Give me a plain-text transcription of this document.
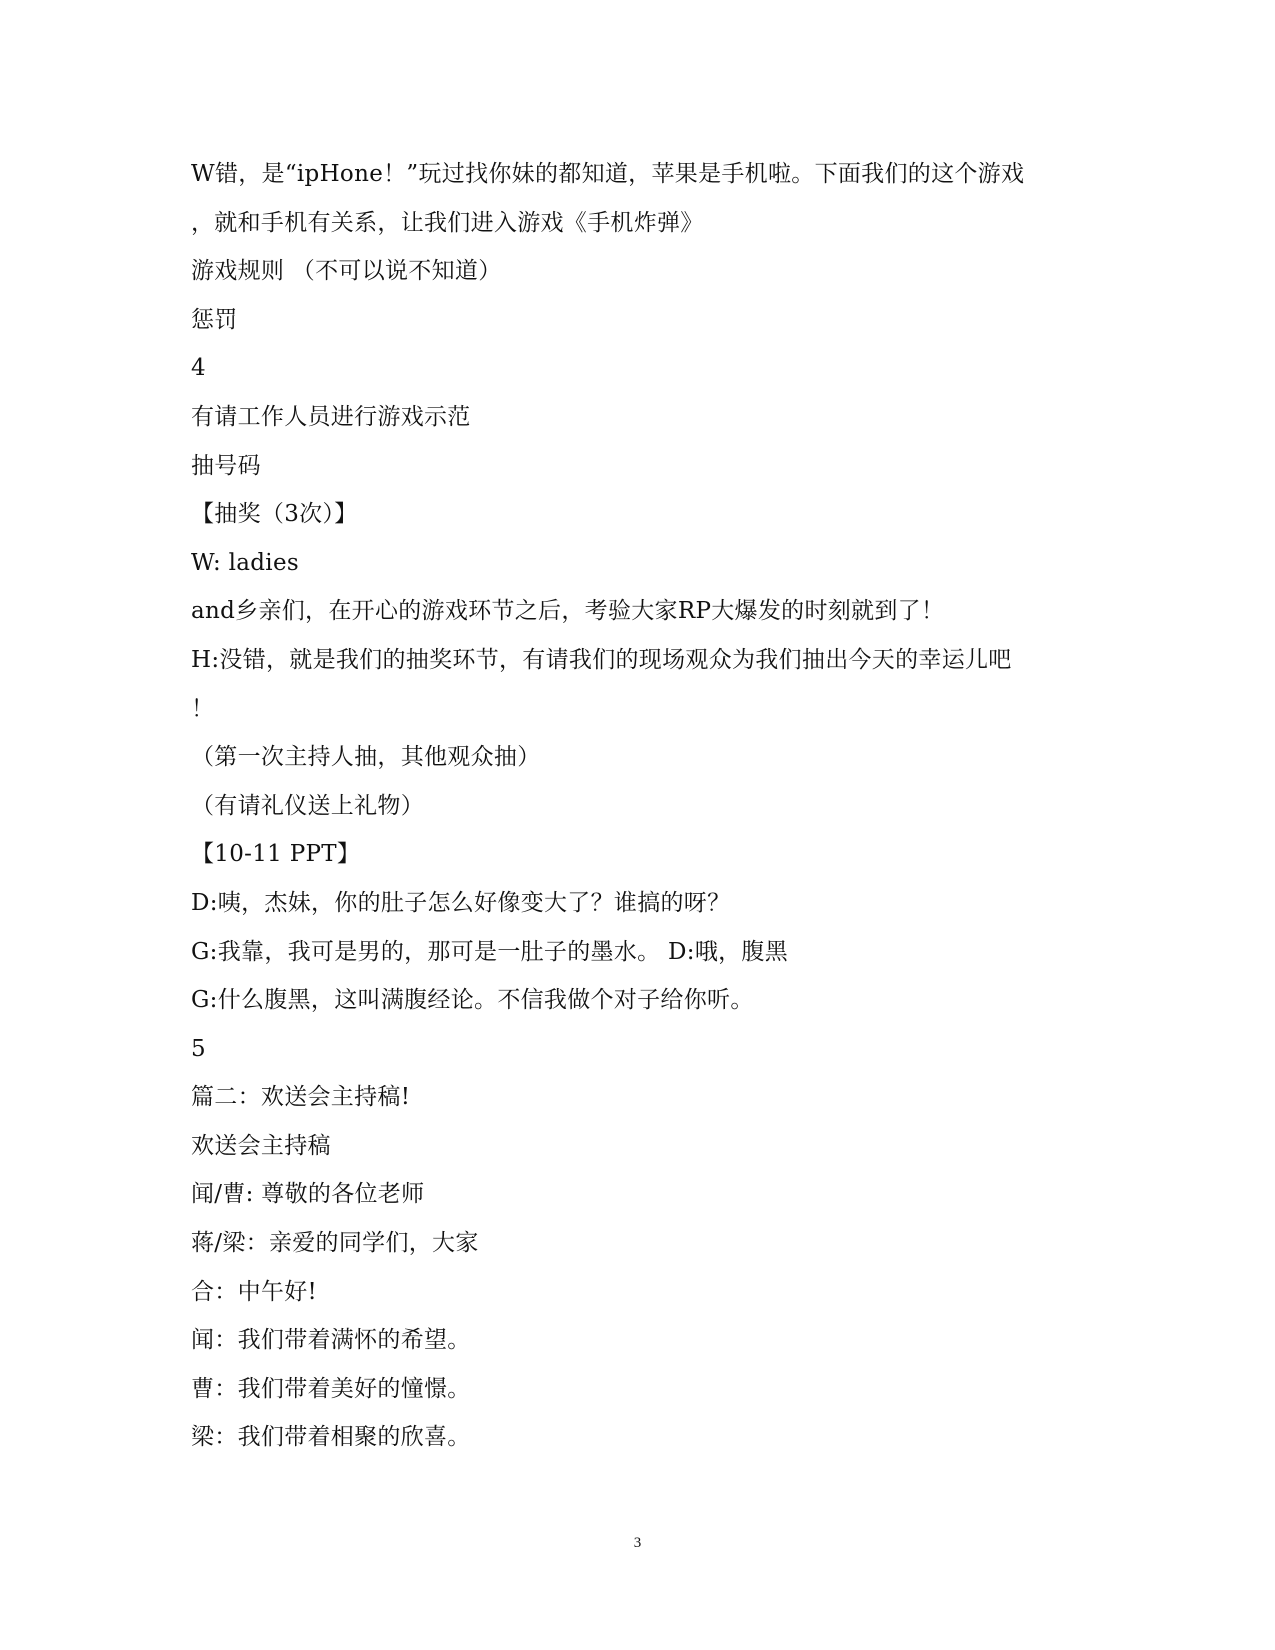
W错，是“ipHone！”玩过找你妹的都知道，苹果是手机啦。下面我们的这个游戏
，就和手机有关系，让我们进入游戏《手机炸弹》
游戏规则 （不可以说不知道）
惩罚
4
有请工作人员进行游戏示范
抽号码
【抽奖（3次）】
W: ladies
and乡亲们，在开心的游戏环节之后，考验大家RP大爆发的时刻就到了！
H:没错，就是我们的抽奖环节，有请我们的现场观众为我们抽出今天的幸运儿吧
！
（第一次主持人抽，其他观众抽）
（有请礼仪送上礼物）
【10-11 PPT】
D:咦，杰妹，你的肚子怎么好像变大了？谁搞的呀？
G:我靠，我可是男的，那可是一肚子的墨水。 D:哦，腹黑
G:什么腹黑，这叫满腹经论。不信我做个对子给你听。
5
篇二：欢送会主持稿!
欢送会主持稿
闻/曹: 尊敬的各位老师
蒋/梁：亲爱的同学们，大家
合：中午好!
闻：我们带着满怀的希望。
曹：我们带着美好的憧憬。
梁：我们带着相聚的欣喜。
3
